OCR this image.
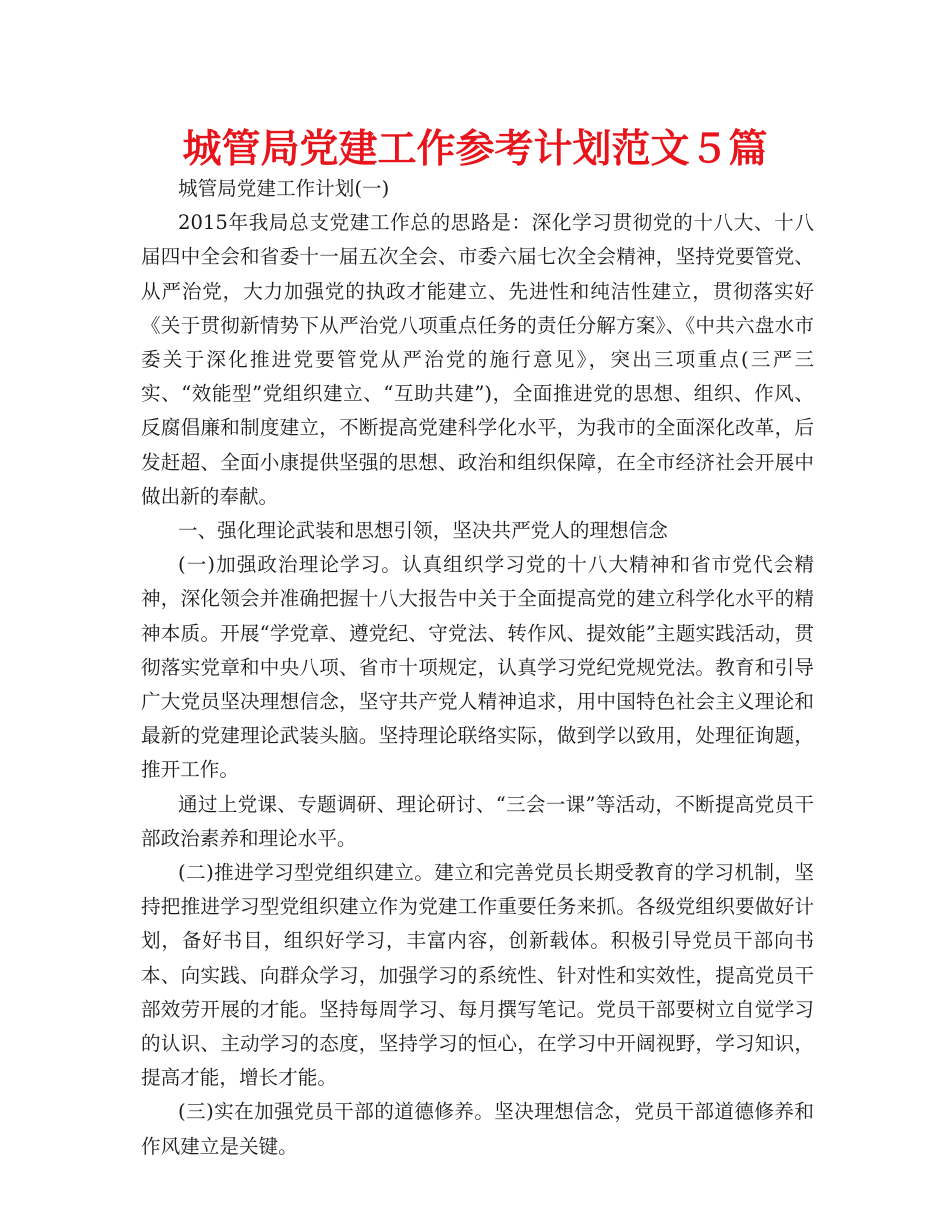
城管局党建工作参考计划范文５篇

城管局党建工作计划(一)

2015年我局总支党建工作总的思路是：深化学习贯彻党的十八大、十八届四中全会和省委十一届五次全会、市委六届七次全会精神，坚持党要管党、从严治党，大力加强党的执政才能建立、先进性和纯洁性建立，贯彻落实好《关于贯彻新情势下从严治党八项重点任务的责任分解方案》、《中共六盘水市委关于深化推进党要管党从严治党的施行意见》，突出三项重点(三严三实、“效能型”党组织建立、“互助共建”)，全面推进党的思想、组织、作风、反腐倡廉和制度建立，不断提高党建科学化水平，为我市的全面深化改革，后发赶超、全面小康提供坚强的思想、政治和组织保障，在全市经济社会开展中做出新的奉献。

一、强化理论武装和思想引领，坚决共严党人的理想信念

(一)加强政治理论学习。认真组织学习党的十八大精神和省市党代会精神，深化领会并准确把握十八大报告中关于全面提高党的建立科学化水平的精神本质。开展“学党章、遵党纪、守党法、转作风、提效能”主题实践活动，贯彻落实党章和中央八项、省市十项规定，认真学习党纪党规党法。教育和引导广大党员坚决理想信念，坚守共产党人精神追求，用中国特色社会主义理论和最新的党建理论武装头脑。坚持理论联络实际，做到学以致用，处理征询题，推开工作。

通过上党课、专题调研、理论研讨、“三会一课”等活动，不断提高党员干部政治素养和理论水平。

(二)推进学习型党组织建立。建立和完善党员长期受教育的学习机制，坚持把推进学习型党组织建立作为党建工作重要任务来抓。各级党组织要做好计划，备好书目，组织好学习，丰富内容，创新载体。积极引导党员干部向书本、向实践、向群众学习，加强学习的系统性、针对性和实效性，提高党员干部效劳开展的才能。坚持每周学习、每月撰写笔记。党员干部要树立自觉学习的认识、主动学习的态度，坚持学习的恒心，在学习中开阔视野，学习知识，提高才能，增长才能。

(三)实在加强党员干部的道德修养。坚决理想信念，党员干部道德修养和作风建立是关键。
